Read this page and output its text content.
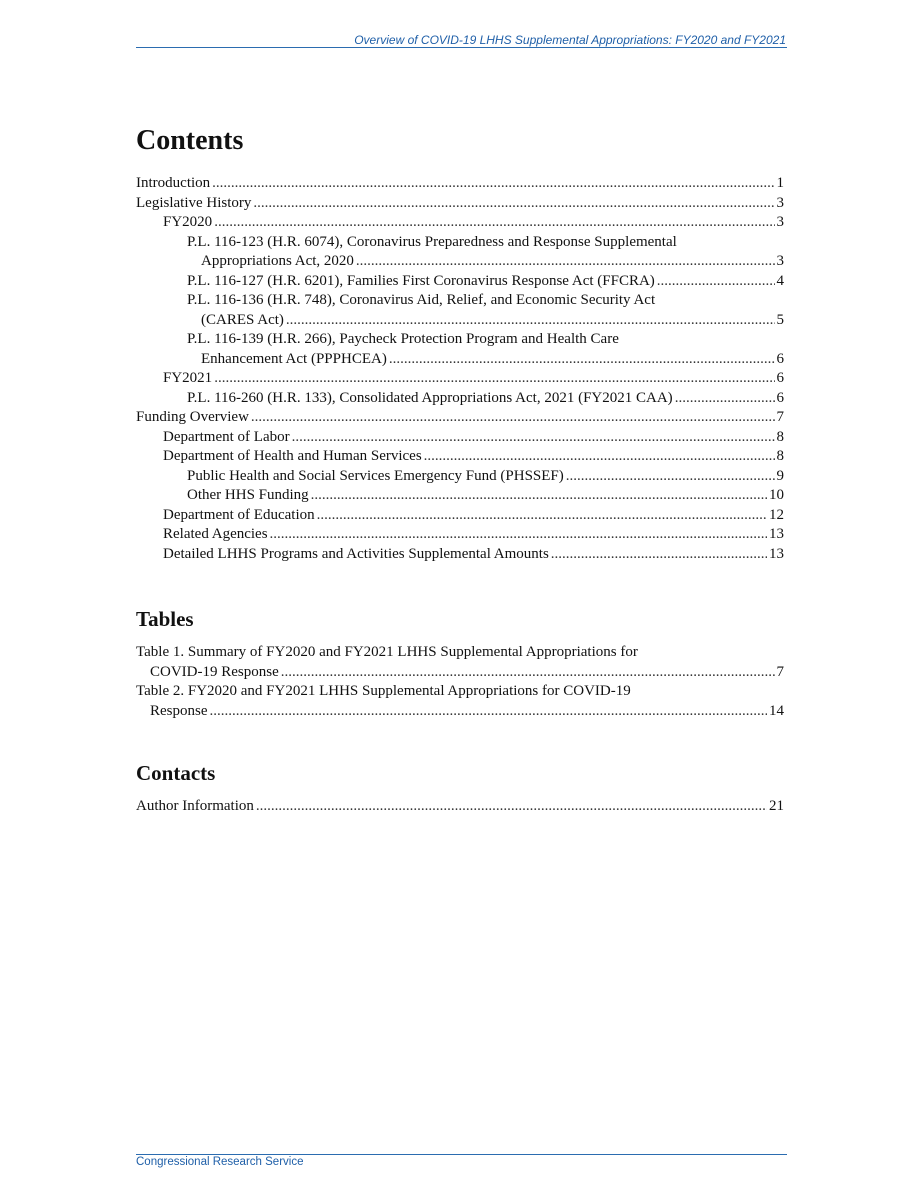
Overview of COVID-19 LHHS Supplemental Appropriations: FY2020 and FY2021
Contents
Introduction .....	1
Legislative History .....	3
FY2020 .....	3
P.L. 116-123 (H.R. 6074), Coronavirus Preparedness and Response Supplemental
Appropriations Act, 2020 .....	3
P.L. 116-127 (H.R. 6201), Families First Coronavirus Response Act (FFCRA) .....	4
P.L. 116-136 (H.R. 748), Coronavirus Aid, Relief, and Economic Security Act
(CARES Act) .....	5
P.L. 116-139 (H.R. 266), Paycheck Protection Program and Health Care
Enhancement Act (PPPHCEA) .....	6
FY2021 .....	6
P.L. 116-260 (H.R. 133), Consolidated Appropriations Act, 2021 (FY2021 CAA) .....	6
Funding Overview .....	7
Department of Labor .....	8
Department of Health and Human Services .....	8
Public Health and Social Services Emergency Fund (PHSSEF) .....	9
Other HHS Funding .....	10
Department of Education .....	12
Related Agencies .....	13
Detailed LHHS Programs and Activities Supplemental Amounts .....	13
Tables
Table 1. Summary of FY2020 and FY2021 LHHS Supplemental Appropriations for
COVID-19 Response .....	7
Table 2. FY2020 and FY2021 LHHS Supplemental Appropriations for COVID-19
Response .....	14
Contacts
Author Information .....	21
Congressional Research Service
